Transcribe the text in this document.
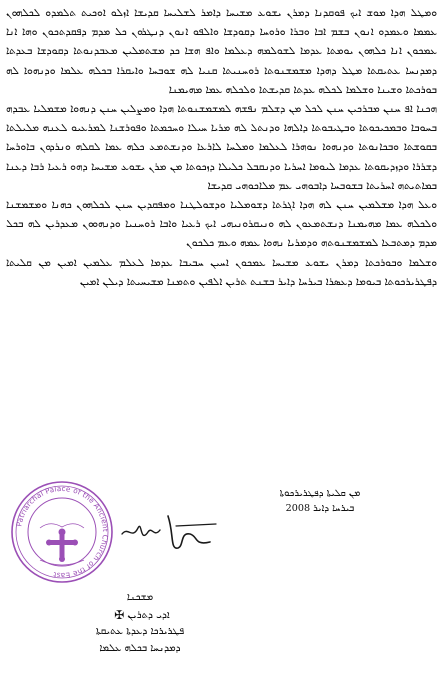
ܘܡܛܠ ܗܕܐ ܡܘܫ ܐܝܟ ܦܘܩܕܢܐ ܕܡܪܢ ܝܫܘܥ ܡܫܝܚܐ ܕܐܡܪ ܠܫܠܝܚܐ ܩܕܝܫܐ ܐܙܠܘ ܐܘܟܝܬ ܬܠܡܕܘ ܠܟܠܗܘܢ ܥܡܡܐ ܘܥܡܕܘ ܐܢܘܢ ܒܫܡ ܐܒܐ ܘܒܪܐ ܘܪܘܚܐ ܕܩܘܕܫܐ ܘܐܠܦܘ ܐܢܘܢ ܕܢܛܪܘܢ ܟܠ ܡܕܡ ܕܦܩܕܬܟܘܢ ܘܗܐ ܐܢܐ ܥܡܟܘܢ ܐܢܐ ܟܠܗܘܢ ܝܘܡܬܐ ܥܕܡܐ ܠܫܘܠܡܗ ܕܥܠܡܐ ܘܐܦ ܗܫܐ ܟܕ ܡܫܬܡܠܝܢ ܡܥܒܕܢܘܬܐ ܕܩܘܕܫܐ ܒܥܕܬܐ ܕܡܕܢܚܐ ܥܬܝܩܬܐ ܡܛܠ ܕܗܕܐ ܡܫܡܫܢܘܬܐ ܪܘܚܢܝܬܐ ܩܢܝܐ ܠܗ ܫܘܒܚܐ ܘܐܝܩܪܐ ܒܟܠܗ ܥܠܡܐ ܘܕܢܗܘܐ ܠܗ ܒܘܪܟܬܐ ܘܫܝܢܐ ܘܫܠܡܐ ܠܟܠܗ ܥܕܬܐ ܩܕܝܫܬܐ ܘܠܟܠܗ ܥܡܐ ܡܗܝܡܢܐ

ܗܟܢܐ ܐܦ ܚܢܢ ܡܒܪܟܝܢ ܚܢܢ ܠܟܠ ܡܢ ܕܫܠܡ ܢܦܫܗ ܠܡܫܡܫܢܘܬܐ ܗܕܐ ܘܡܨܠܝܢ ܚܢܢ ܕܢܗܘܐ ܡܫܡܠܝܐ ܥܒܕܗ ܒܚܘܒܐ ܘܒܡܟܝܟܘܬܐ ܘܒܛܝܒܘܬܐ ܕܐܠܗܐ ܘܕܢܬܠ ܠܗ ܡܪܝܐ ܚܝܠܐ ܘܚܟܡܬܐ ܘܦܘܪܫܢܐ ܠܡܪܥܝܘ ܠܥܢܗ ܡܠܝܠܬܐ ܒܩܘܫܬܐ ܘܒܟܐܢܘܬܐ ܘܕܢܗܘܐ ܢܘܗܪܐ ܠܥܠܡܐ ܘܡܠܚܐ ܠܐܪܥܐ ܘܕܢܫܬܡܥ ܟܠܗ ܥܡܐ ܠܩܠܗ ܘܢܪܕܘܢ ܒܐܘܪܚܐ ܕܫܪܪܐ ܘܕܙܕܝܩܘܬܐ ܥܕܡܐ ܠܝܘܡܐ ܐܚܪܝܐ ܘܕܢܩܒܠ ܟܠܝܠܐ ܕܙܟܘܬܐ ܡܢ ܡܪܢ ܝܫܘܥ ܡܫܝܚܐ ܕܗܘ ܪܥܝܐ ܪܒܐ ܕܥܢܐ ܒܡܐܬܝܬܗ ܐܚܪܝܬܐ ܒܫܘܒܚܐ ܕܐܒܘܗܝ ܥܡ ܡܠܐܟܘܗܝ ܩܕܝܫܐ

ܘܥܠ ܗܕܐ ܡܫܠܡܝܢ ܚܢܢ ܠܗ ܗܕܐ ܐܓܪܬܐ ܕܫܘܡܠܝܐ ܘܕܫܘܠܛܢܐ ܘܡܦܩܕܝܢ ܚܢܢ ܠܟܠܗܘܢ ܟܗܢܐ ܘܡܫܡܫܢܐ ܘܠܟܠܗ ܥܡܐ ܡܗܝܡܢܐ ܕܢܫܬܡܥܘܢ ܠܗ ܘܢܝܩܪܘܢܝܗܝ ܐܝܟ ܪܥܝܐ ܘܐܒܐ ܪܘܚܢܝܐ ܘܕܢܗܘܘܢ ܡܥܕܪܝܢ ܠܗ ܒܟܠ ܡܕܡ ܕܡܬܒܥܐ ܠܡܫܡܫܢܘܬܗ ܘܕܡܪܝܐ ܢܗܘܐ ܥܡܗ ܘܥܡ ܟܠܟܘܢ

ܘܫܠܡܐ ܘܒܘܪܟܬܐ ܕܡܪܢ ܝܫܘܥ ܡܫܝܚܐ ܥܡܟܘܢ ܐܚܝܢ ܚܒܝܒܐ ܥܕܡܐ ܠܥܠܡ ܥܠܡܝܢ ܐܡܝܢ ܡܢ ܩܠܝܬܐ ܕܦܛܪܝܪܟܘܬܐ ܒܝܘܡܐ ܕܥܣܪܐ ܒܝܪܚܐ ܕܐܝܪ ܒܫܢܬ ܬܪܝܢ ܐܠܦܝܢ ܘܬܡܢܐ ܡܫܝܚܝܬܐ ܕܝܠܢ ܐܡܝܢ

ܡܢ ܩܠܝܬܐ ܕܦܛܪܝܪܟܘܬܐ
ܒܝܪܚܐ ܕܐܝܪ 2008
Patriarchal Palace of the Ancient Church of the East
ܡܫܟܢܐ
ܐܕܝ ܕܬܪܝܢ ✠
ܦܛܪܝܪܟܐ ܕܥܕܬܐ ܥܬܝܩܬܐ
ܕܡܕܢܚܐ ܒܟܠܗ ܥܠܡܐ
